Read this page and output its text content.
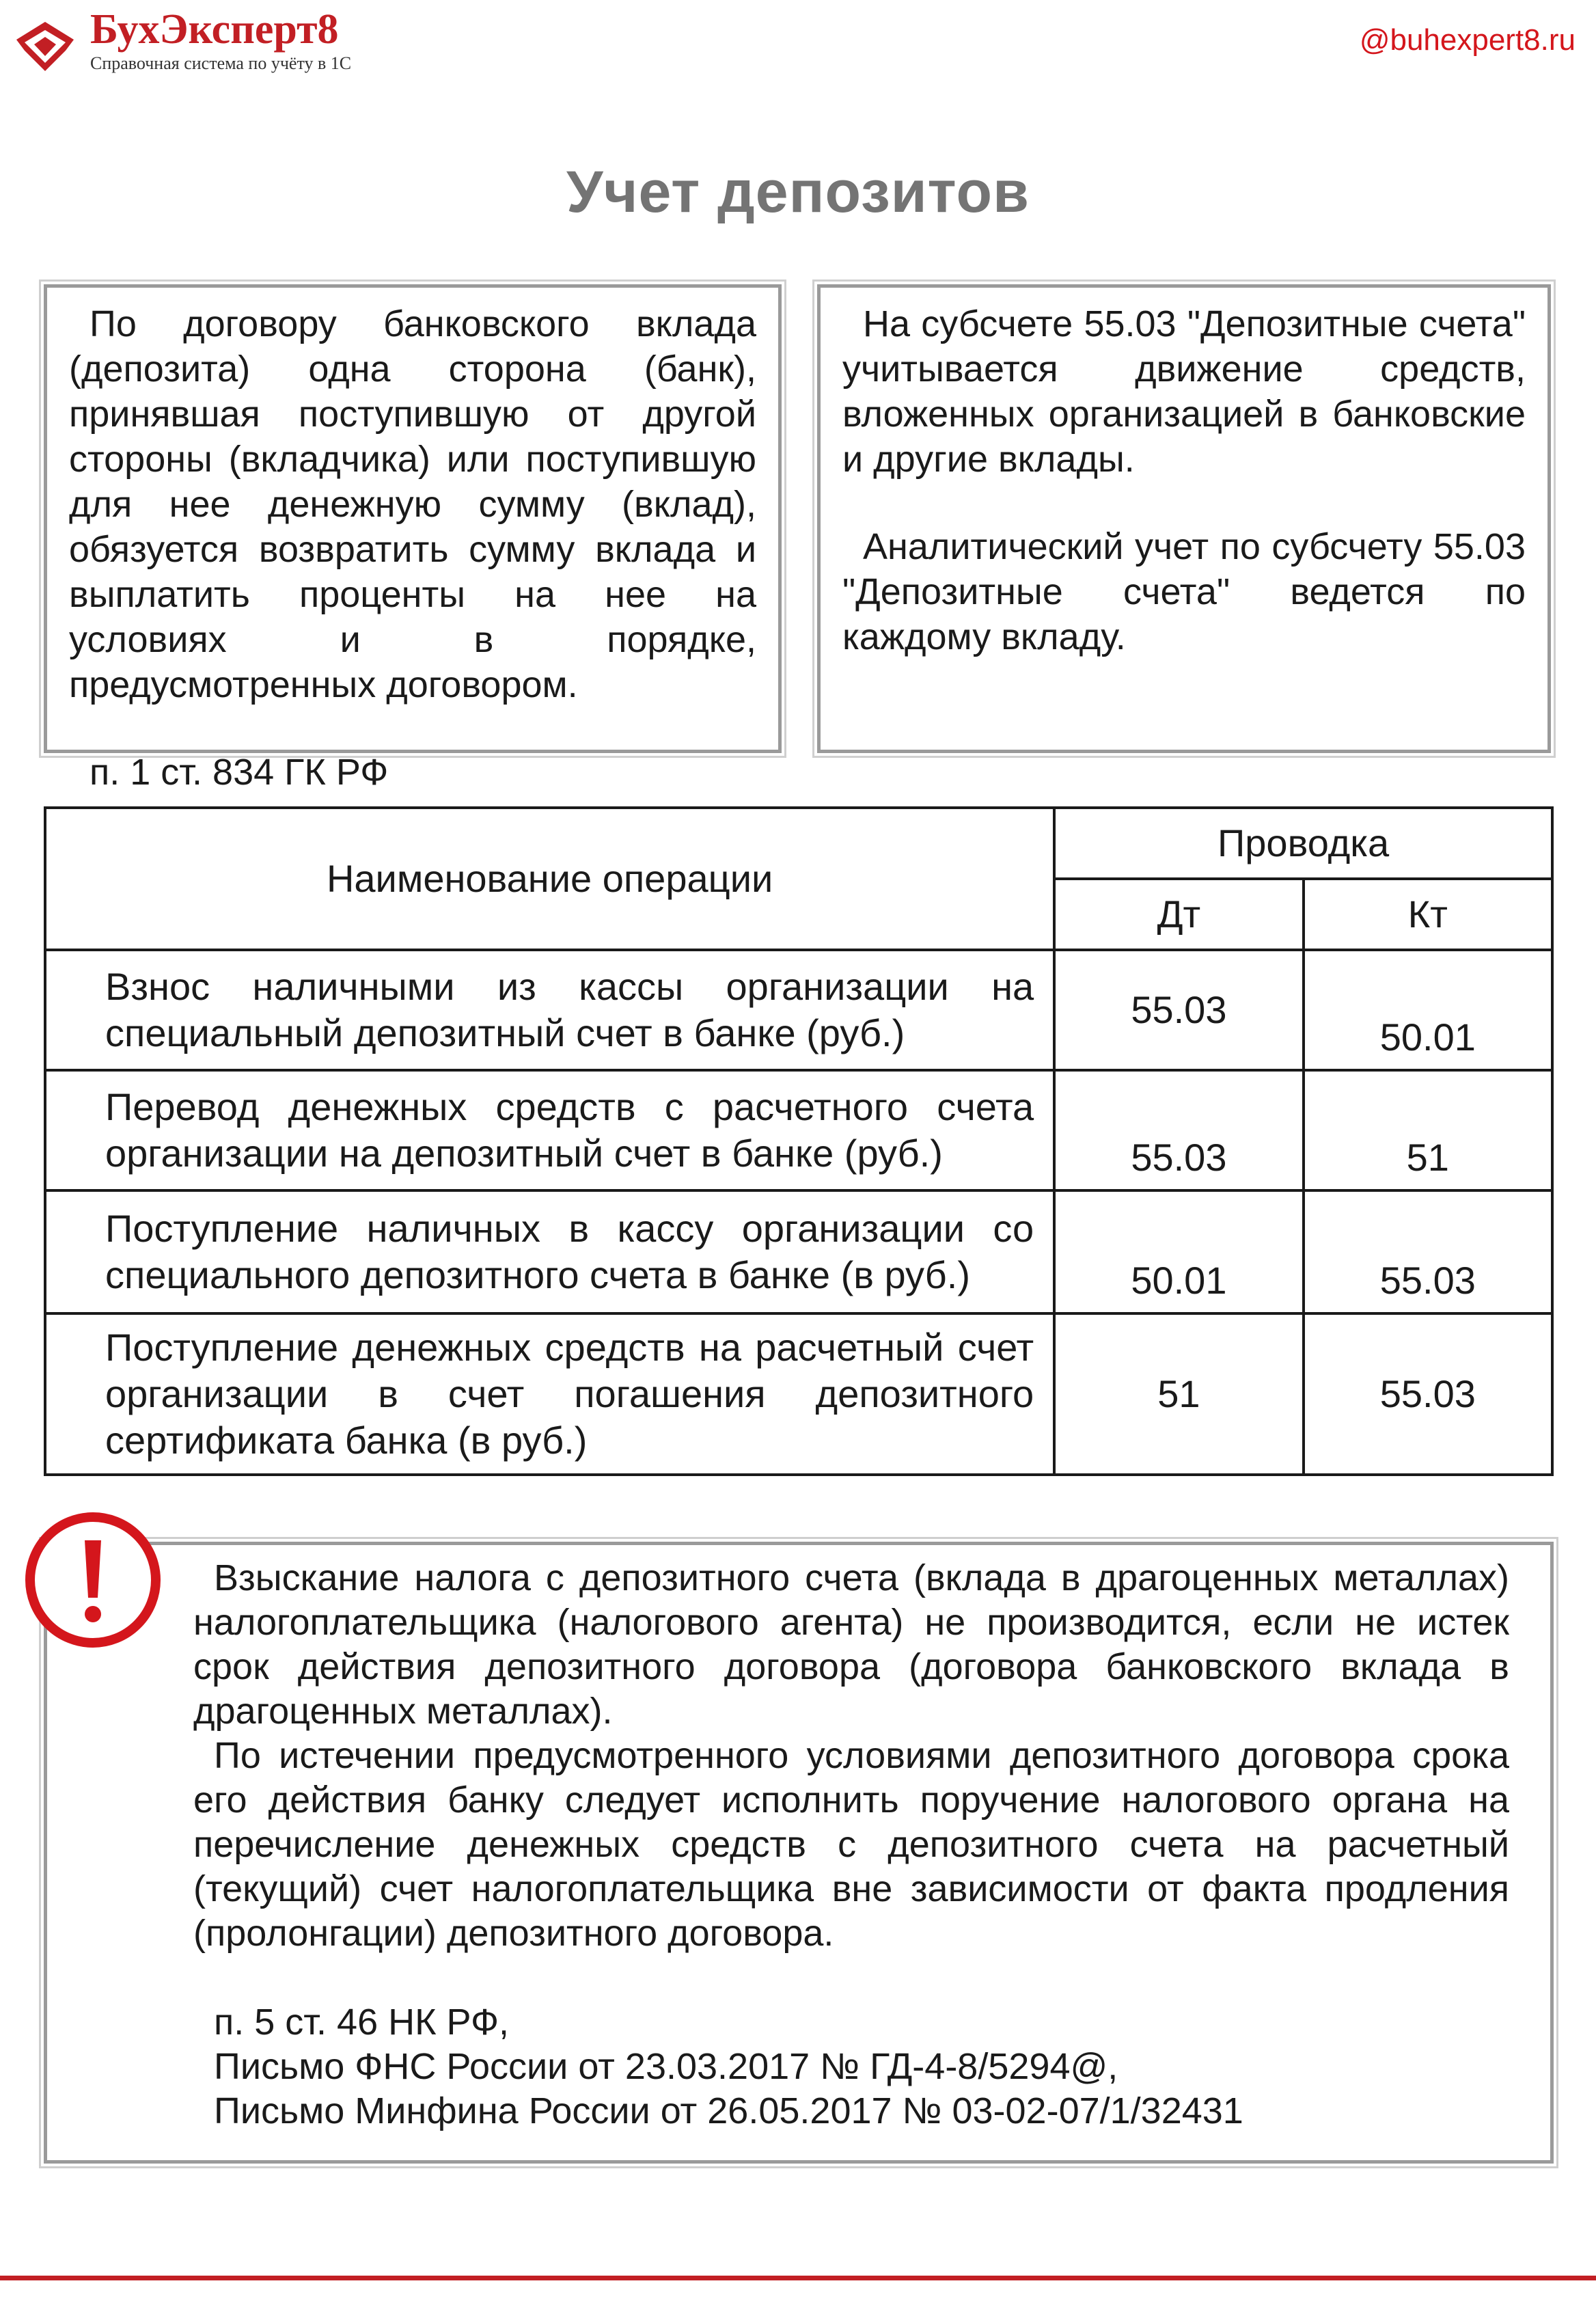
БухЭксперт8
Справочная система по учёту в 1С
@buhexpert8.ru
Учет депозитов

По договору банковского вклада (депозита) одна сторона (банк), принявшая поступившую от другой стороны (вкладчика) или поступившую для нее денежную сумму (вклад), обязуется возвратить сумму вклада и выплатить проценты на нее на условиях и в порядке, предусмотренных договором.

п. 1 ст. 834 ГК РФ

На субсчете 55.03 "Депозитные счета" учитывается движение средств, вложенных организацией в банковские и другие вклады.

Аналитический учет по субсчету 55.03 "Депозитные счета" ведется по каждому вкладу.

Наименование операции	Проводка	
	Дт	Кт
Взнос наличными из кассы организации на специальный депозитный счет в банке (руб.)	55.03	50.01
Перевод денежных средств с расчетного счета организации на депозитный счет в банке (руб.)	55.03	51
Поступление наличных в кассу организации со специального депозитного счета в банке (в руб.)	50.01	55.03
Поступление денежных средств на расчетный счет организации в счет погашения депозитного сертификата банка (в руб.)	51	55.03

Взыскание налога с депозитного счета (вклада в драгоценных металлах) налогоплательщика (налогового агента) не производится, если не истек срок действия депозитного договора (договора банковского вклада в драгоценных металлах).

По истечении предусмотренного условиями депозитного договора срока его действия банку следует исполнить поручение налогового органа на перечисление денежных средств с депозитного счета на расчетный (текущий) счет налогоплательщика вне зависимости от факта продления (пролонгации) депозитного договора.

п. 5 ст. 46 НК РФ,
Письмо ФНС России от 23.03.2017 № ГД-4-8/5294@,
Письмо Минфина России от 26.05.2017 № 03-02-07/1/32431
